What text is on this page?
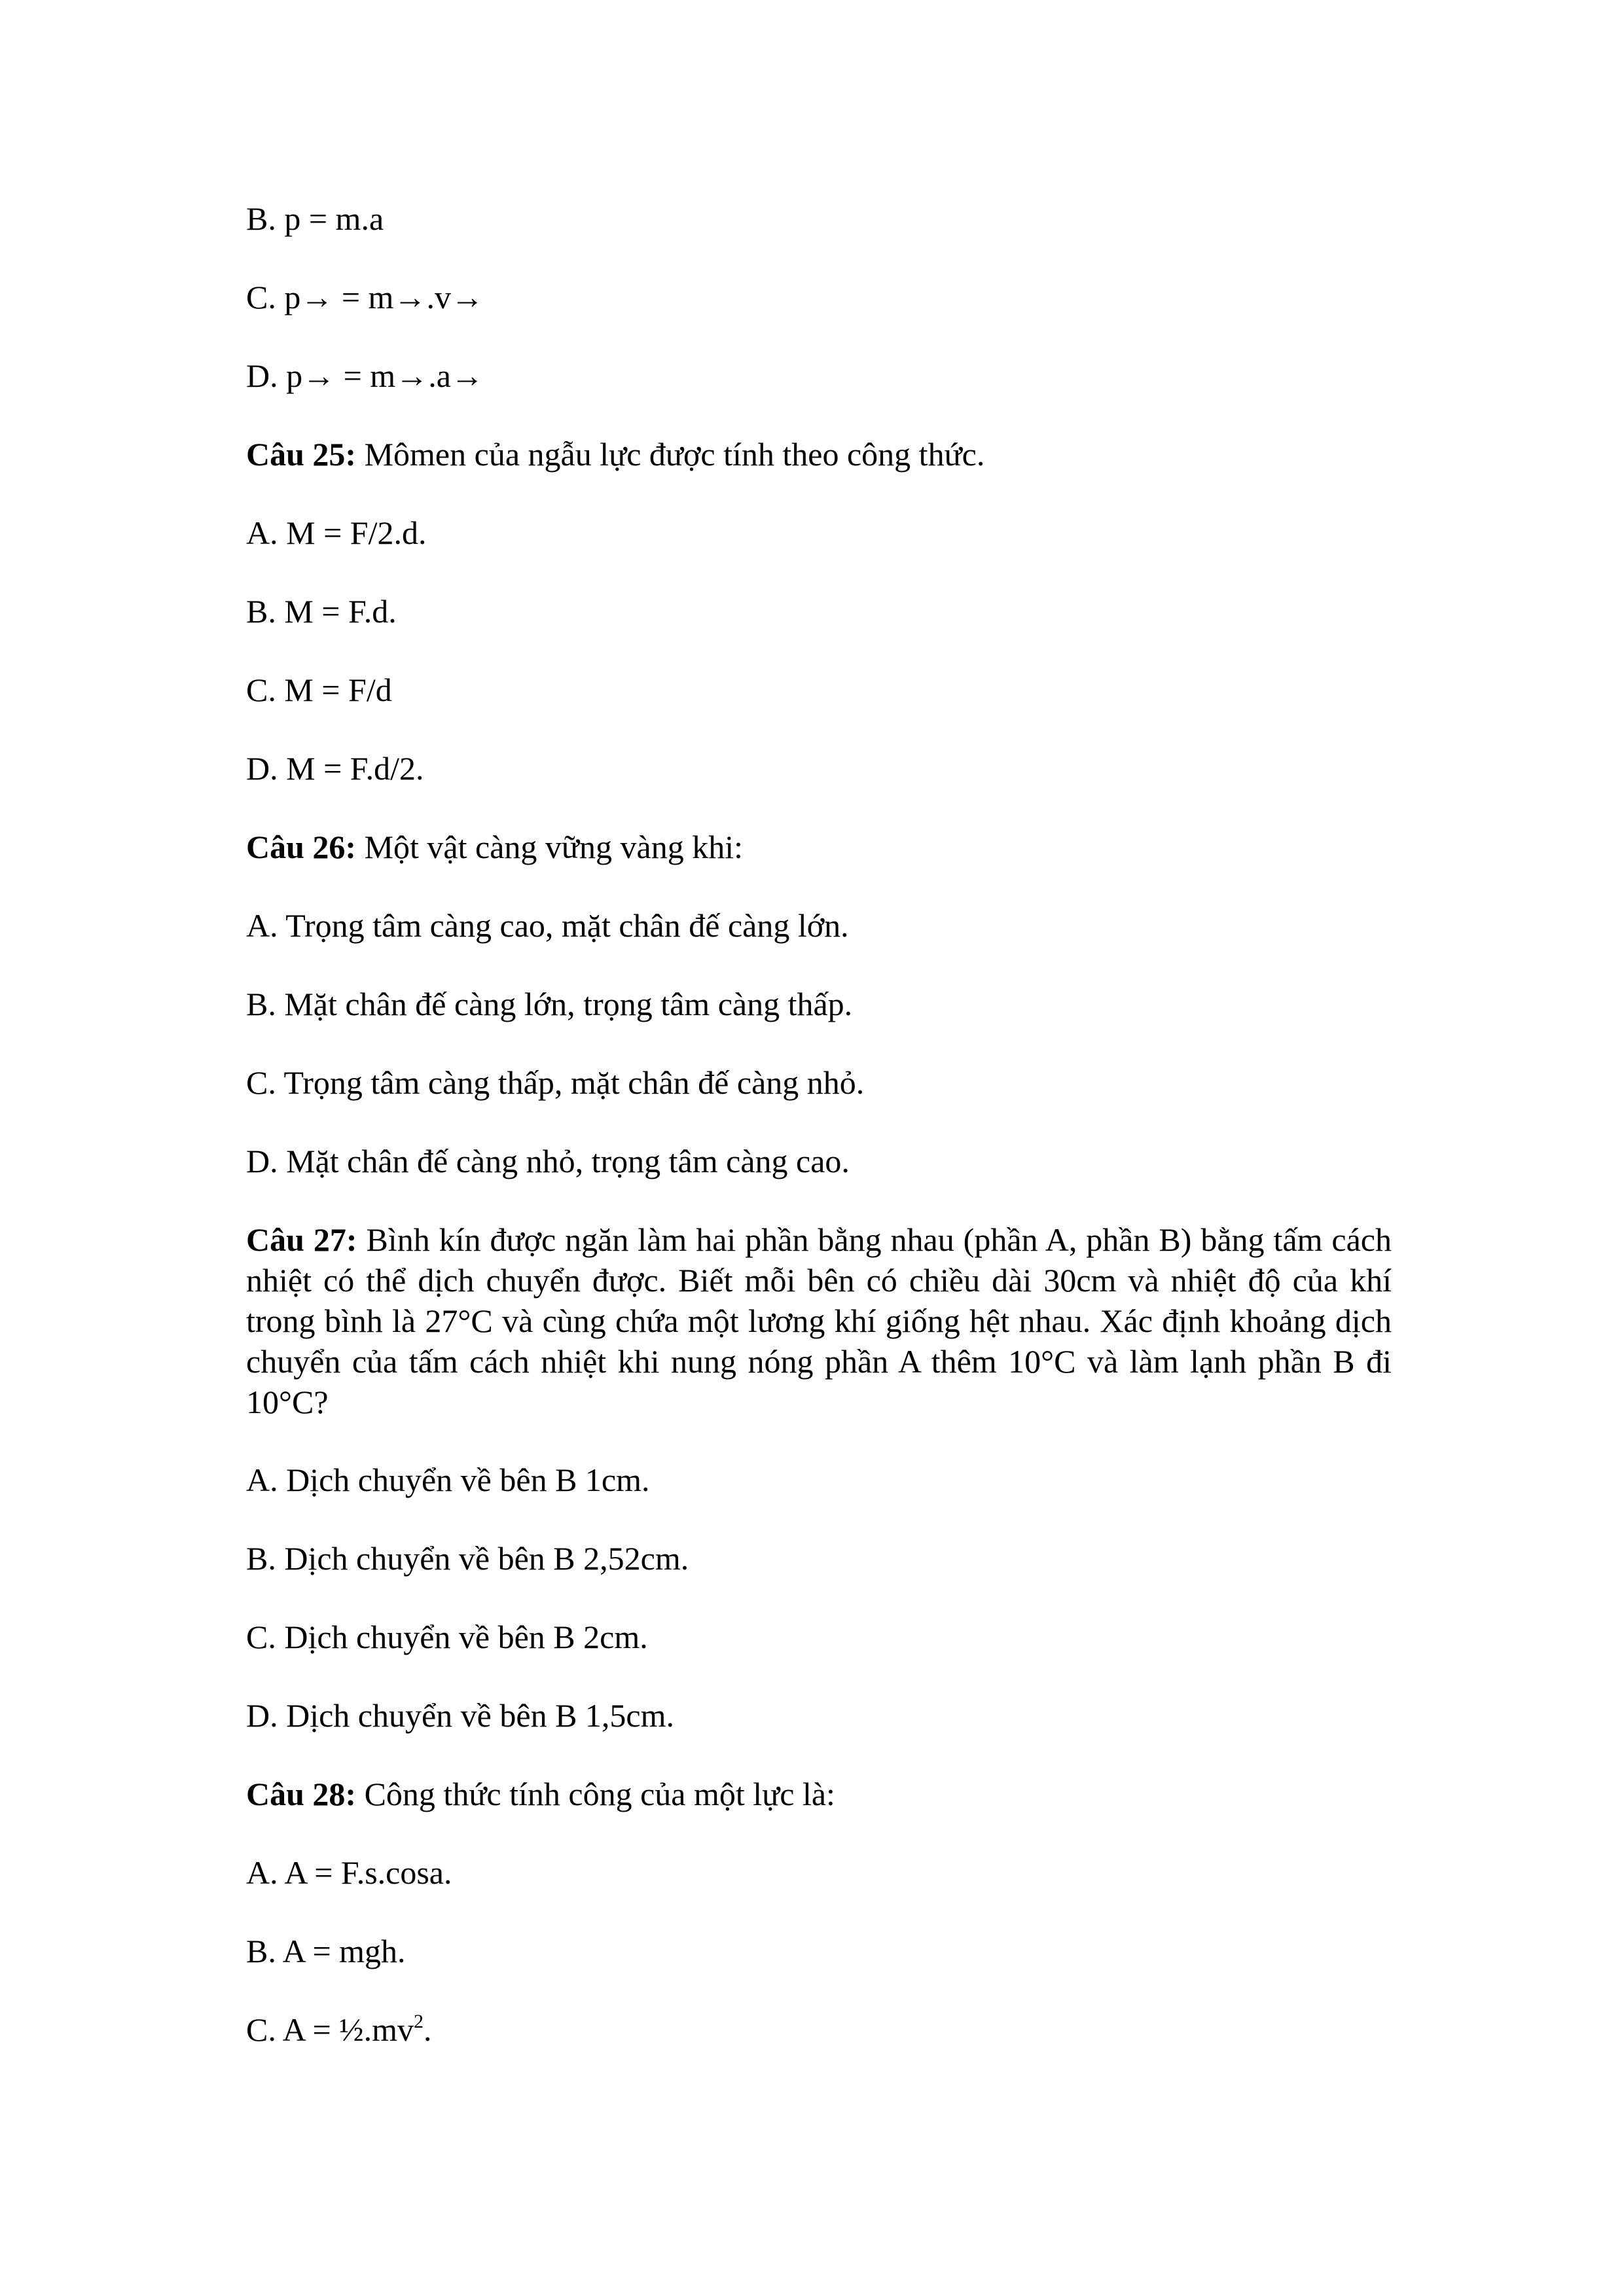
B. p = m.a
C. p→ = m→.v→
D. p→ = m→.a→
Câu 25: Mômen của ngẫu lực được tính theo công thức.
A. M = F/2.d.
B. M = F.d.
C. M = F/d
D. M = F.d/2.
Câu 26: Một vật càng vững vàng khi:
A. Trọng tâm càng cao, mặt chân đế càng lớn.
B. Mặt chân đế càng lớn, trọng tâm càng thấp.
C. Trọng tâm càng thấp, mặt chân đế càng nhỏ.
D. Mặt chân đế càng nhỏ, trọng tâm càng cao.
Câu 27: Bình kín được ngăn làm hai phần bằng nhau (phần A, phần B) bằng tấm cách nhiệt có thể dịch chuyển được. Biết mỗi bên có chiều dài 30cm và nhiệt độ của khí trong bình là 27°C và cùng chứa một lương khí giống hệt nhau. Xác định khoảng dịch chuyển của tấm cách nhiệt khi nung nóng phần A thêm 10°C và làm lạnh phần B đi 10°C?
A. Dịch chuyển về bên B 1cm.
B. Dịch chuyển về bên B 2,52cm.
C. Dịch chuyển về bên B 2cm.
D. Dịch chuyển về bên B 1,5cm.
Câu 28: Công thức tính công của một lực là:
A. A = F.s.cosa.
B. A = mgh.
C. $A = \frac{1}{2}.mv^2$.
